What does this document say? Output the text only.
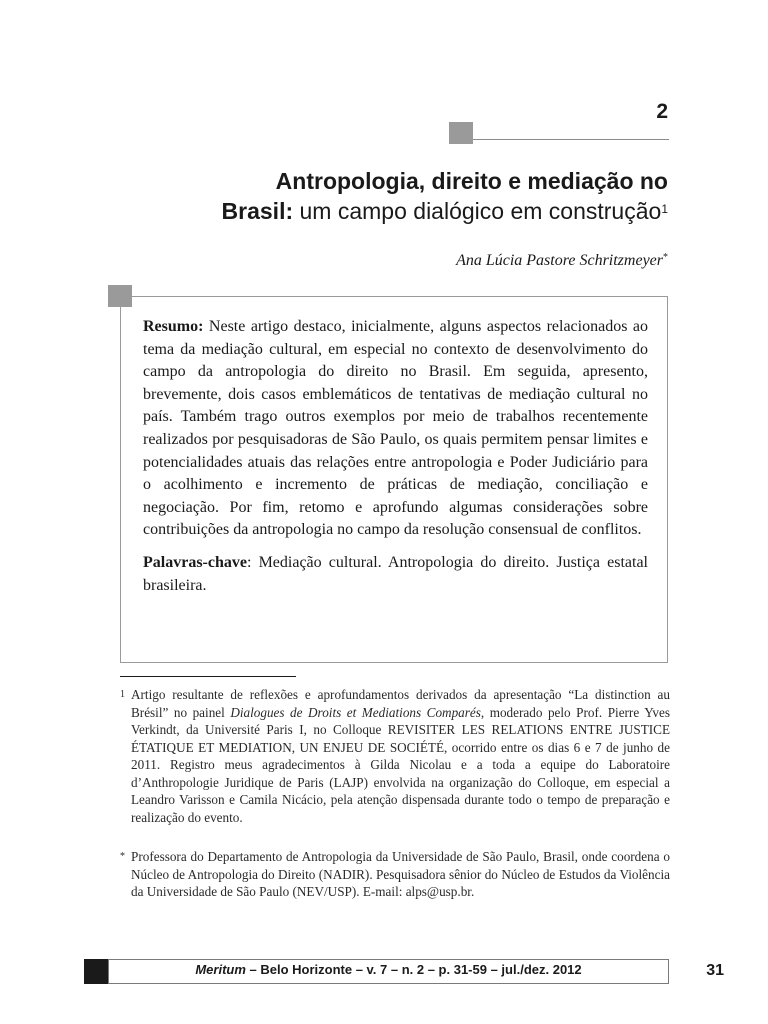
2
Antropologia, direito e mediação no
Brasil: um campo dialógico em construção$^1$
Ana Lúcia Pastore Schritzmeyer*

Resumo: Neste artigo destaco, inicialmente, alguns aspectos relacionados ao tema da mediação cultural, em especial no contexto de desenvolvimento do campo da antropologia do direito no Brasil. Em seguida, apresento, brevemente, dois casos emblemáticos de tentativas de mediação cultural no país. Também trago outros exemplos por meio de trabalhos recentemente realizados por pesquisadoras de São Paulo, os quais permitem pensar limites e potencialidades atuais das relações entre antropologia e Poder Judiciário para o acolhimento e incremento de práticas de mediação, conciliação e negociação. Por fim, retomo e aprofundo algumas considerações sobre contribuições da antropologia no campo da resolução consensual de conflitos.

Palavras-chave: Mediação cultural. Antropologia do direito. Justiça estatal brasileira.

1 Artigo resultante de reflexões e aprofundamentos derivados da apresentação “La distinction au Brésil” no painel Dialogues de Droits et Mediations Comparés, moderado pelo Prof. Pierre Yves Verkindt, da Université Paris I, no Colloque REVISITER LES RELATIONS ENTRE JUSTICE ÉTATIQUE ET MEDIATION, UN ENJEU DE SOCIÉTÉ, ocorrido entre os dias 6 e 7 de junho de 2011. Registro meus agradecimentos à Gilda Nicolau e a toda a equipe do Laboratoire d’Anthropologie Juridique de Paris (LAJP) envolvida na organização do Colloque, em especial a Leandro Varisson e Camila Nicácio, pela atenção dispensada durante todo o tempo de preparação e realização do evento.
* Professora do Departamento de Antropologia da Universidade de São Paulo, Brasil, onde coordena o Núcleo de Antropologia do Direito (NADIR). Pesquisadora sênior do Núcleo de Estudos da Violência da Universidade de São Paulo (NEV/USP). E-mail: alps@usp.br.
Meritum – Belo Horizonte – v. 7 – n. 2 – p. 31-59 – jul./dez. 2012	31
